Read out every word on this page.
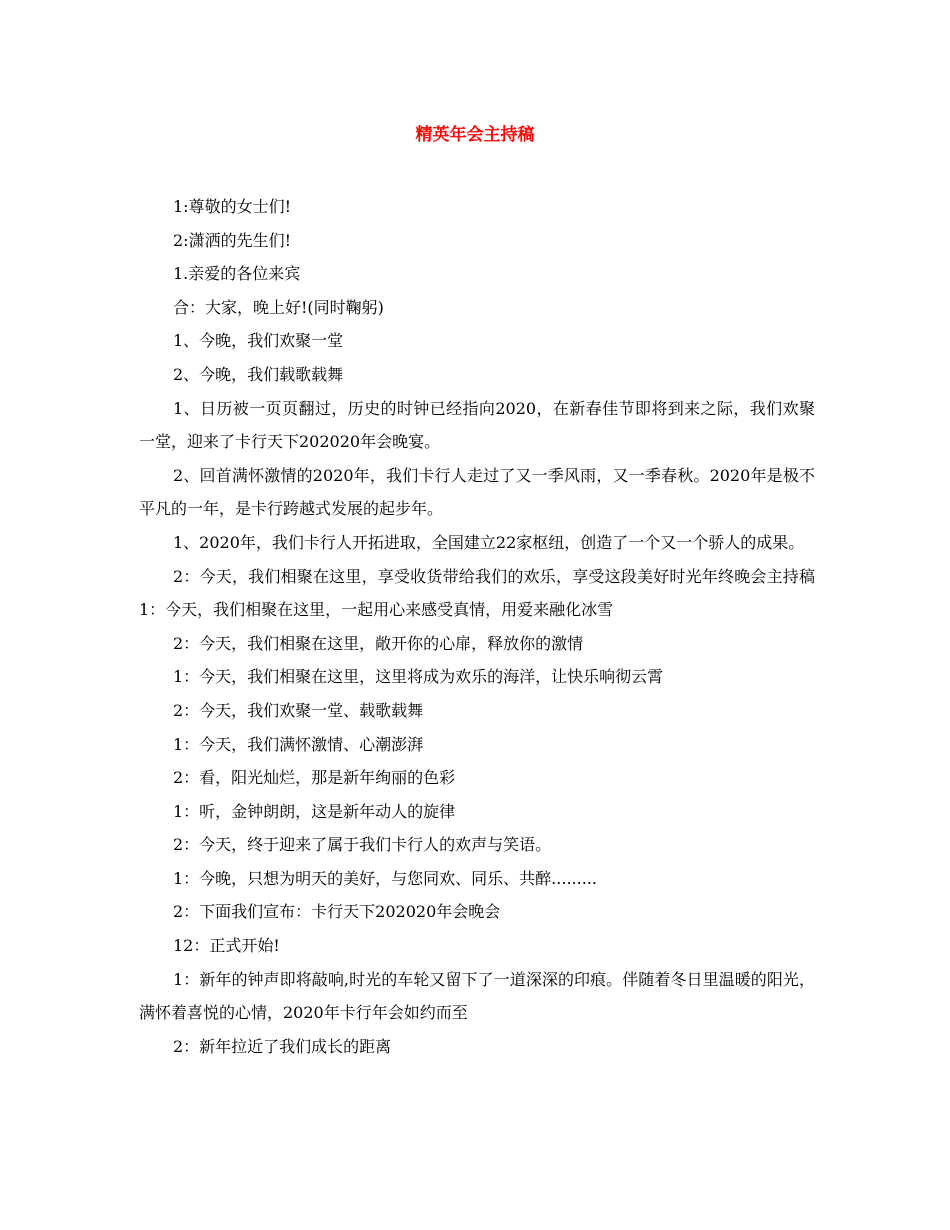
精英年会主持稿

1:尊敬的女士们!

2:潇洒的先生们!

1.亲爱的各位来宾

合：大家，晚上好!(同时鞠躬)

1、今晚，我们欢聚一堂

2、今晚，我们载歌载舞

1、日历被一页页翻过，历史的时钟已经指向2020，在新春佳节即将到来之际，我们欢聚一堂，迎来了卡行天下202020年会晚宴。

2、回首满怀激情的2020年，我们卡行人走过了又一季风雨，又一季春秋。2020年是极不平凡的一年，是卡行跨越式发展的起步年。

1、2020年，我们卡行人开拓进取，全国建立22家枢纽，创造了一个又一个骄人的成果。

2：今天，我们相聚在这里，享受收货带给我们的欢乐，享受这段美好时光年终晚会主持稿1：今天，我们相聚在这里，一起用心来感受真情，用爱来融化冰雪

2：今天，我们相聚在这里，敞开你的心扉，释放你的激情

1：今天，我们相聚在这里，这里将成为欢乐的海洋，让快乐响彻云霄

2：今天，我们欢聚一堂、载歌载舞

1：今天，我们满怀激情、心潮澎湃

2：看，阳光灿烂，那是新年绚丽的色彩

1：听，金钟朗朗，这是新年动人的旋律

2：今天，终于迎来了属于我们卡行人的欢声与笑语。

1：今晚，只想为明天的美好，与您同欢、同乐、共醉.........

2：下面我们宣布：卡行天下202020年会晚会

12：正式开始!

1：新年的钟声即将敲响,时光的车轮又留下了一道深深的印痕。伴随着冬日里温暖的阳光，满怀着喜悦的心情，2020年卡行年会如约而至

2：新年拉近了我们成长的距离
